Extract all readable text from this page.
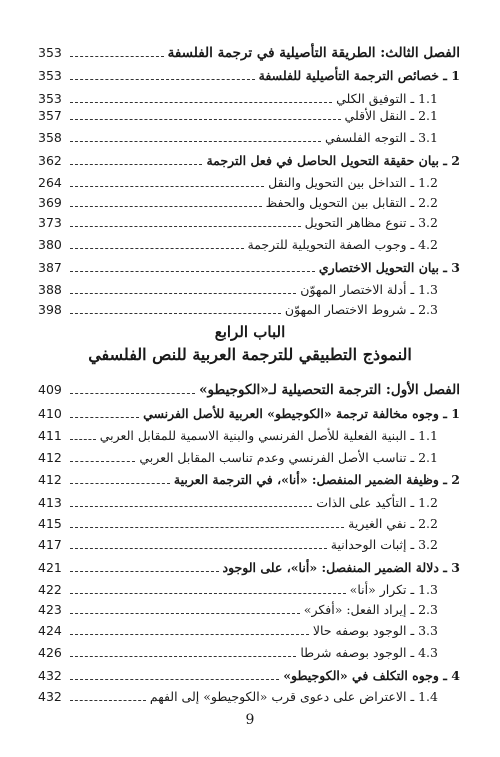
الفصل الثالث: الطريقة التأصيلية في ترجمة الفلسفة
353
1 ـ خصائص الترجمة التأصيلية للفلسفة
353
1.1 ـ التوفيق الكلي
353
2.1 ـ النقل الأقلي
357
3.1 ـ التوجه الفلسفي
358
2 ـ بيان حقيقة التحويل الحاصل في فعل الترجمة
362
1.2 ـ التداخل بين التحويل والنقل
264
2.2 ـ التقابل بين التحويل والحفظ
369
3.2 ـ تنوع مظاهر التحويل
373
4.2 ـ وجوب الصفة التحويلية للترجمة
380
3 ـ بيان التحويل الاختصاري
387
1.3 ـ أدلة الاختصار المهوّن
388
2.3 ـ شروط الاختصار المهوّن
398
الفصل الأول: الترجمة التحصيلية لـ«الكوجيطو»
409
1 ـ وجوه مخالفة ترجمة «الكوجيطو» العربية للأصل الفرنسي
410
1.1 ـ البنية الفعلية للأصل الفرنسي والبنية الاسمية للمقابل العربي
411
2.1 ـ تناسب الأصل الفرنسي وعدم تناسب المقابل العربي
412
2 ـ وظيفة الضمير المنفصل: «أنا»، في الترجمة العربية
412
1.2 ـ التأكيد على الذات
413
2.2 ـ نفي الغيرية
415
3.2 ـ إثبات الوحدانية
417
3 ـ دلالة الضمير المنفصل: «أنا»، على الوجود
421
1.3 ـ تكرار «أنا»
422
2.3 ـ إيراد الفعل: «أفكر»
423
3.3 ـ الوجود بوصفه حالا
424
4.3 ـ الوجود بوصفه شرطا
426
4 ـ وجوه التكلف في «الكوجيطو»
432
1.4 ـ الاعتراض على دعوى قرب «الكوجيطو» إلى الفهم
432
الباب الرابع
النموذج التطبيقي للترجمة العربية للنص الفلسفي
9
